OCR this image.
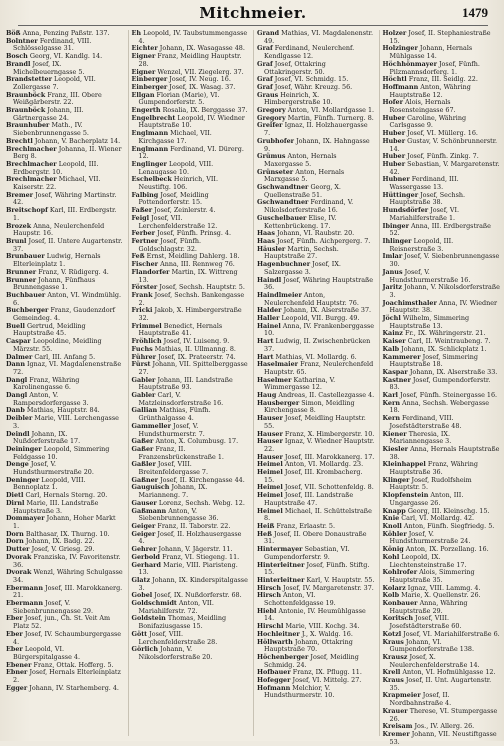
Mitchmeier.	1479
Böß Anna, Penzing Paßstr. 137.
Bolntner Ferdinand, VIII. Schlösselgasse 31.
Bosch Georg, VI. Kandlg. 14.
Brandl Josef, IX. Michelbeuerngasse 5.
Brandstetter Leopold, VII. Zollergasse 7.
Braunböck Franz, III. Obere Weißgärberstr. 22.
Braunböck Johann, III. Gärtnergasse 24.
Braunhuber Math., IV. Siebenbrunnengasse 5.
Brechtl Johann, V. Bacherplatz 14.
Brechlmacher Johanna, II. Wiener Berg 8.
Brechlmacher Leopold, III. Erdbergstr. 10.
Brechlmacher Michael, VII. Kaiserstr. 22.
Bremer Josef, Währing Martinstr. 42.
Breitschopf Karl, III. Erdbergstr. 1.
Brozek Anna, Neulerchenfeld Haupstr. 16.
Brunl Josef, II. Untere Augartenstr. 37.
Brunbauer Ludwig, Hernals Elterleinplatz 1.
Brunner Franz, V. Rüdigerg. 4.
Brunner Johann, Fünfhaus Brunnengasse 1.
Buchbauer Anton, VI. Windmühlg. 6.
Buchberger Franz, Gaudenzdorf Gemeindeg. 4.
Buell Gertrud, Meidling Hauptstraße 45.
Caspar Leopoldine, Meidling Märzstr. 55.
Dalmer Carl, III. Anfang 5.
Dann Ignaz, VI. Magdalenenstraße 72.
Dangl Franz, Währing Karolinengasse 6.
Dangl Anton, V. Rampersdorfergasse 3.
Danb Mathias, Hauptstr. 84.
Deibler Marie, VIII. Lerchengasse 3.
Deindl Johann, IX. Nußdorferstraße 17.
Deininger Leopold, Simmering Feldgasse 10.
Denge Josef, V. Hundsthurmerstraße 20.
Deninger Leopold, VIII. Bennoplatz 1.
Dietl Carl, Hernals Sterng. 20.
Dirnl Marie, III. Landstraße Hauptstraße 3.
Dommayer Johann, Hoher Markt 1.
Dorn Balthasar, IX. Thurng. 10.
Dorn Johann, IX. Badg. 22.
Dutter Josef, V. Griesg. 29.
Dvorak Franziska, IV. Favoritenstr. 36.
Dvorak Wenzl, Währing Schulgasse 34.
Ebermann Josef, III. Marokkanerg. 21.
Ebermann Josef, V. Siebenbrunnengasse 29.
Eber Josef, jun., Ch. St. Veit Am Platz 52.
Eber Josef, IV. Schaumburgergasse 4.
Eber Leopold, VI. Bürgerspitalgasse 4.
Ebener Franz, Ottak. Hofferg. 5.
Ebner Josef, Hernals Elterleinplatz 2.
Egger Johann, IV. Starhemberg. 4.
Eh Leopold, IV. Taubstummengasse 4.
Eichter Johann, IX. Wasagasse 48.
Eigner Franz, Meidling Hauptstr. 28.
Eigner Wenzel, VII. Ziegelerg. 37.
Einberger Josef, IV. Neug. 16.
Einberger Josef, IX. Wasag. 37.
Ellgan Florian (Marie), VI. Gumpendorferstr. 5.
Engerth Rosalia, IX. Berggasse 37.
Engelbrecht Leopold, IV. Wiedner Hauptstraße 10.
Englmann Michael, VII. Kirchgasse 17.
Englmann Ferdinand, VI. Dürerg. 12.
Englinger Leopold, VIII. Lenaugasse 10.
Eschelbeck Heinrich, VII. Neustiftg. 106.
Falbing Josef, Meidling Pottendorferstr. 15.
Faßer Josef, Zeinlerstr. 4.
Feigl Josef, VII. Lerchenfelderstraße 12.
Ferber Josef, Fünfh. Prinsg. 4.
Fertner Josef, Fünfh. Goldschlagstr. 32.
Feß Ernst, Meidling Dahlerg. 18.
Fischer Anna, III. Rennweg 76.
Flandorfer Martin, IX. Wittreng 13.
Förster Josef, Sechsh. Hauptstr. 5.
Frank Josef, Sechsh. Bankengasse 2.
Fricki Jakob, X. Himbergerstraße 32.
Frimmel Benedict, Hernals Hauptstraße 41.
Fröhlich Josef, IV. Luisenq. 9.
Fuchs Mathias, II. Ullmanng. 8.
Führer Josef, IX. Prateerstr. 74.
Fürst Johann, VII. Spittelberggasse 27.
Gabler Johann, III. Landstraße Hauptstraße 93.
Gabler Carl, V. Matzleinsdorferstraße 16.
Gallian Mathias, Fünfh. Grünthalgasse 4.
Gammeller Josef, V. Hundsthurmerstr. 7.
Gaßer Anton, X. Columbusg. 17.
Gaßer Franz, II. Franzensbrückenstraße 1.
Gaßler Josef, VIII. Breitenfeldergasse 7.
Gaßner Josef, II. Kirchengasse 44.
Gauguisch Johann, IX. Marianneng. 7.
Gauser Lorenz, Sechsh. Webg. 12.
Gaßmann Anton, V. Siebenbrunnengasse 36.
Geiger Franz, II. Taborstr. 22.
Geiger Josef, II. Holzhausergasse 4.
Gehrer Johann, V. Jägerstr. 11.
Gerbold Franz, VI. Stiegeng. 11.
Gerhard Marie, VIII. Piaristeng. 13.
Glatz Johann, IX. Kinderspitalgasse 3.
Gobel Josef, IX. Nußdorferstr. 68.
Goldschmidt Anton, VII. Mariahilferstr. 72.
Goldstein Thomas, Meidling Bonifaziusgasse 15.
Gött Josef, VIII. Lerchenfelderstraße 28.
Görlich Johann, V. Nikolsdorferstraße 20.
Grand Mathias, VI. Magdalenenstr. 49.
Graf Ferdinand, Neulerchenf. Kendlgasse 12.
Graf Josef, Ottakring Ottakringerstr. 50.
Graf Josef, VI. Schmidg. 15.
Graf Josef, Währ. Kreuzg. 56.
Graus Heinrich, X. Himbergerstraße 10.
Gregory Anton, VI. Mollardgasse 1.
Gregory Martin, Fünfh. Turnerg. 8.
Greifer Ignaz, II. Holzhauergasse 7.
Grubhofer Johann, IX. Hahngasse 9.
Grümus Anton, Hernals Maxergasse 5.
Grünseter Anton, Hernals Marxgasse 5.
Gschwandtner Georg, X. Quellenstraße 51.
Gschwandtner Ferdinand, V. Nikolsdorferstraße 16.
Guschelbauer Elise, IV. Kettenbrückeng. 17.
Haas Johann, VI. Raubstr. 20.
Haas Josef, Fünfh. Aichpergerg. 7.
Häusler Martin, Sechsh. Hauptstraße 27.
Hagenbuchner Josef, IX. Salzergasse 3.
Haindl Josef, Währing Hauptstraße 36.
Haindlmeier Anton, Neulerchenfeld Hauptstr. 76.
Halder Johann, IX. Alserstraße 37.
Haller Leopold, VII. Burgg. 49.
Hainel Anna, IV. Frankenberggasse 10.
Hart Ludwig, II. Zwischenbrücken 37.
Hart Mathias, VI. Mollardg. 6.
Haselmaier Franz, Neulerchenfeld Hauptstr. 65.
Haselmer Katharina, V. Wimmergasse 12.
Haug Andreas, II. Castellezgasse 4.
Hausberger Simon, Meidling Kirchengasse 8.
Hauser Josef, Meidling Hauptstr. 55.
Hauser Franz, X. Himbergerstr. 10.
Hauser Ignaz, V. Wiedner Hauptstr. 22.
Hauser Josef, III. Marokkanerg. 17.
Heimel Anton, VI. Mollardg. 23.
Heimel Josef, III. Krombacherg. 15.
Heimel Josef, VII. Schottenfeldg. 8.
Heimel Josef, III. Landstraße Hauptstraße 47.
Heimel Michael, II. Schüttelstraße 8.
Heiß Franz, Erlaastr. 5.
Heß Josef, II. Obere Donaustraße 31.
Hintermayer Sebastian, VI. Gumpendorferstr. 9.
Hinterleitner Josef, Fünfh. Stiftg. 15.
Hinterleitner Karl, V. Hauptstr. 55.
Hirsch Josef, IV. Margaretenstr. 37.
Hirsch Anton, VI. Schottenfeldgasse 19.
Hiebl Antonie, IV. Heumühlgasse 14.
Hirschl Marie, VIII. Kochg. 34.
Hochleitner J., X. Waldg. 16.
Höllwarth Johann, Ottakring Hauptstraße 70.
Höchenberger Josef, Meidling Schmidg. 24.
Hofbauer Franz, IX. Pflugg. 11.
Hofegger Josef, VI. Mittelg. 27.
Hofmann Melchior, V. Hundsthurmerstr. 10.
Holzer Josef, II. Stephaniestraße 15.
Holzinger Johann, Hernals Mühlgasse 14.
Höchhönmayer Josef, Fünfh. Pilzmannsdorferg. 1.
Höchtl Franz, III. Seidlg. 22.
Hoffmann Anton, Währing Hauptstraße 12.
Hofer Alois, Hernals Rosensteingasse 67.
Huber Caroline, Währing Carlsgasse 9.
Huber Josef, VI. Müllerg. 16.
Huber Gustav, V. Schönbrunnerstr. 14.
Huber Josef, Fünfh. Zinkg. 7.
Huber Sebastian, V. Margaretenstr. 42.
Hubner Ferdinand, III. Wassergasse 13.
Hüttinger Josef, Sechsh. Hauptstraße 38.
Hundsdörfer Josef, VI. Mariahilferstraße 1.
Ibinger Anna, III. Erdbergstraße 52.
Ihlinger Leopold, III. Reisnerstraße 3.
Imlar Josef, V. Siebenbrunnengasse 30.
Janus Josef, V. Hundsthurmerstraße 16.
Jaritz Johann, V. Nikolsdorferstraße 3.
Joachimsthaler Anna, IV. Wiedner Hauptstr. 38.
Jöchl Wilhelm, Simmering Hauptstraße 13.
Kainz Fr., IX. Währingerstr. 21.
Kaiser Carl, II. Weintraubeng. 7.
Kalb Johann, IX. Schlickplatz 1.
Kammerer Josef, Simmering Hauptstraße 18.
Kaspar Johann, IX. Alserstraße 33.
Kastner Josef, Gumpendorferstr. 83.
Karl Josef, Fünfh. Steinergasse 16.
Kern Anna, Sechsh. Webergasse 18.
Kern Ferdinand, VIII. Josefstädterstraße 48.
Kiener Theresia, IX. Mariannengasse 3.
Kiesler Anna, Hernals Hauptstraße 38.
Kleinhappel Franz, Währing Hauptstraße 36.
Klinger Josef, Rudolfsheim Hauptstr. 5.
Klopfenstein Anton, III. Ungargasse 26.
Knapp Georg, III. Kleinschg. 15.
Knie Carl, VI. Mollardg. 42.
Knoll Anton, Fünfh. Siegfriedg. 5.
Köhler Josef, V. Hundsthurmerstraße 24.
König Anton, IX. Porzellang. 16.
Kohl Leopold, IX. Liechtensteinstraße 17.
Kohlrofer Alois, Simmering Hauptstraße 35.
Kolarz Ignaz, VIII. Lammg. 4.
Kolb Marie, X. Quellenstr. 26.
Konbauer Anna, Währing Hauptstraße 29.
Koritsch Josef, VIII. Josefstädterstraße 60.
Kotzl Josef, VI. Mariahilferstraße 6.
Kraus Johann, VI. Gumpendorferstraße 138.
Krausz Josef, X. Neulerchenfelderstraße 14.
Krell Anton, VI. Hofmühlgasse 12.
Kraus Josef, II. Unt. Augartenstr. 35.
Krapmeier Josef, II. Nordbahnstraße 4.
Krauer Therese, VI. Stumpergasse 26.
Kreisam Jos., IV. Allerg. 26.
Kremer Johann, VII. Neustiftgasse 53.
